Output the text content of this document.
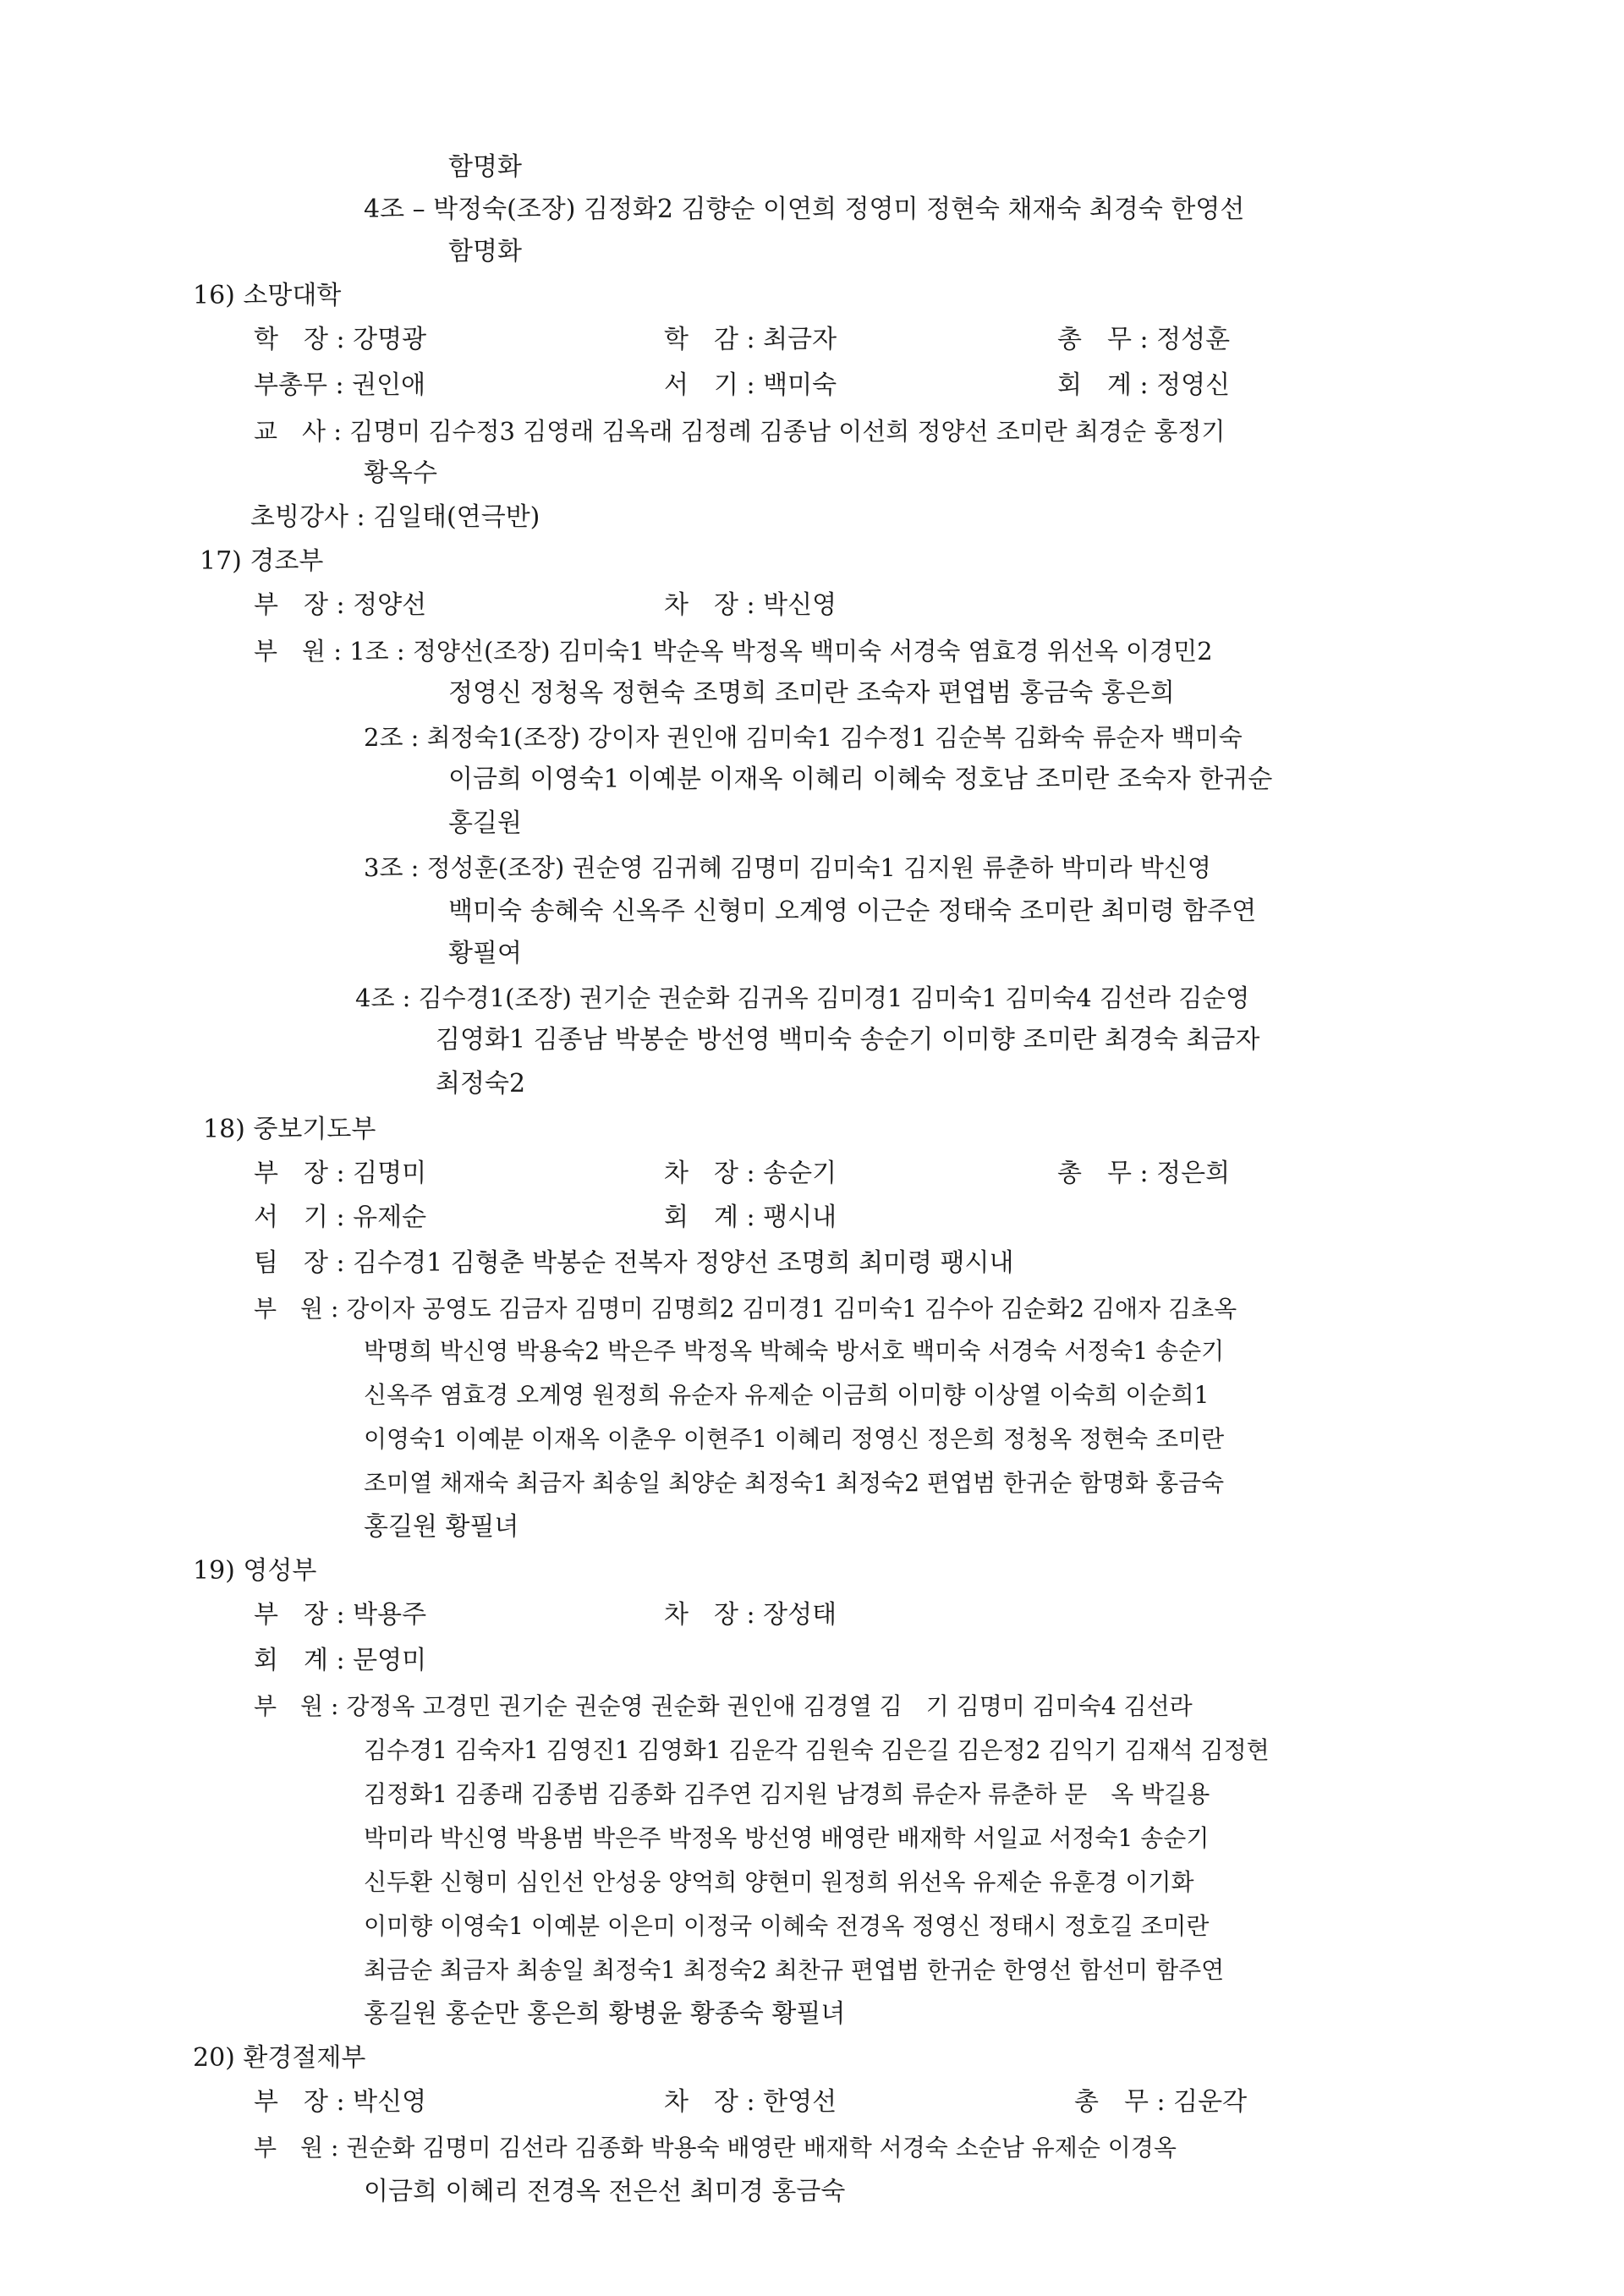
함명화
4조 – 박정숙(조장) 김정화2 김향순 이연희 정영미 정현숙 채재숙 최경숙 한영선
함명화
16) 소망대학
학　장 : 강명광	학　감 : 최금자	총　무 : 정성훈
부총무 : 권인애	서　기 : 백미숙	회　계 : 정영신
교　사 : 김명미 김수정3 김영래 김옥래 김정례 김종남 이선희 정양선 조미란 최경순 홍정기
황옥수
초빙강사 : 김일태(연극반)
17) 경조부
부　장 : 정양선	차　장 : 박신영
부　원 : 1조 : 정양선(조장) 김미숙1 박순옥 박정옥 백미숙 서경숙 염효경 위선옥 이경민2
정영신 정청옥 정현숙 조명희 조미란 조숙자 편엽범 홍금숙 홍은희
2조 : 최정숙1(조장) 강이자 권인애 김미숙1 김수정1 김순복 김화숙 류순자 백미숙
이금희 이영숙1 이예분 이재옥 이혜리 이혜숙 정호남 조미란 조숙자 한귀순
홍길원
3조 : 정성훈(조장) 권순영 김귀혜 김명미 김미숙1 김지원 류춘하 박미라 박신영
백미숙 송혜숙 신옥주 신형미 오계영 이근순 정태숙 조미란 최미령 함주연
황필여
4조 : 김수경1(조장) 권기순 권순화 김귀옥 김미경1 김미숙1 김미숙4 김선라 김순영
김영화1 김종남 박봉순 방선영 백미숙 송순기 이미향 조미란 최경숙 최금자
최정숙2
18) 중보기도부
부　장 : 김명미	차　장 : 송순기	총　무 : 정은희
서　기 : 유제순	회　계 : 팽시내
팀　장 : 김수경1 김형춘 박봉순 전복자 정양선 조명희 최미령 팽시내
부　원 : 강이자 공영도 김금자 김명미 김명희2 김미경1 김미숙1 김수아 김순화2 김애자 김초옥
박명희 박신영 박용숙2 박은주 박정옥 박혜숙 방서호 백미숙 서경숙 서정숙1 송순기
신옥주 염효경 오계영 원정희 유순자 유제순 이금희 이미향 이상열 이숙희 이순희1
이영숙1 이예분 이재옥 이춘우 이현주1 이혜리 정영신 정은희 정청옥 정현숙 조미란
조미열 채재숙 최금자 최송일 최양순 최정숙1 최정숙2 편엽범 한귀순 함명화 홍금숙
홍길원 황필녀
19) 영성부
부　장 : 박용주	차　장 : 장성태
회　계 : 문영미
부　원 : 강정옥 고경민 권기순 권순영 권순화 권인애 김경열 김　기 김명미 김미숙4 김선라
김수경1 김숙자1 김영진1 김영화1 김운각 김원숙 김은길 김은정2 김익기 김재석 김정현
김정화1 김종래 김종범 김종화 김주연 김지원 남경희 류순자 류춘하 문　옥 박길용
박미라 박신영 박용범 박은주 박정옥 방선영 배영란 배재학 서일교 서정숙1 송순기
신두환 신형미 심인선 안성웅 양억희 양현미 원정희 위선옥 유제순 유훈경 이기화
이미향 이영숙1 이예분 이은미 이정국 이혜숙 전경옥 정영신 정태시 정호길 조미란
최금순 최금자 최송일 최정숙1 최정숙2 최찬규 편엽범 한귀순 한영선 함선미 함주연
홍길원 홍순만 홍은희 황병윤 황종숙 황필녀
20) 환경절제부
부　장 : 박신영	차　장 : 한영선	총　무 : 김운각
부　원 : 권순화 김명미 김선라 김종화 박용숙 배영란 배재학 서경숙 소순남 유제순 이경옥
이금희 이혜리 전경옥 전은선 최미경 홍금숙
